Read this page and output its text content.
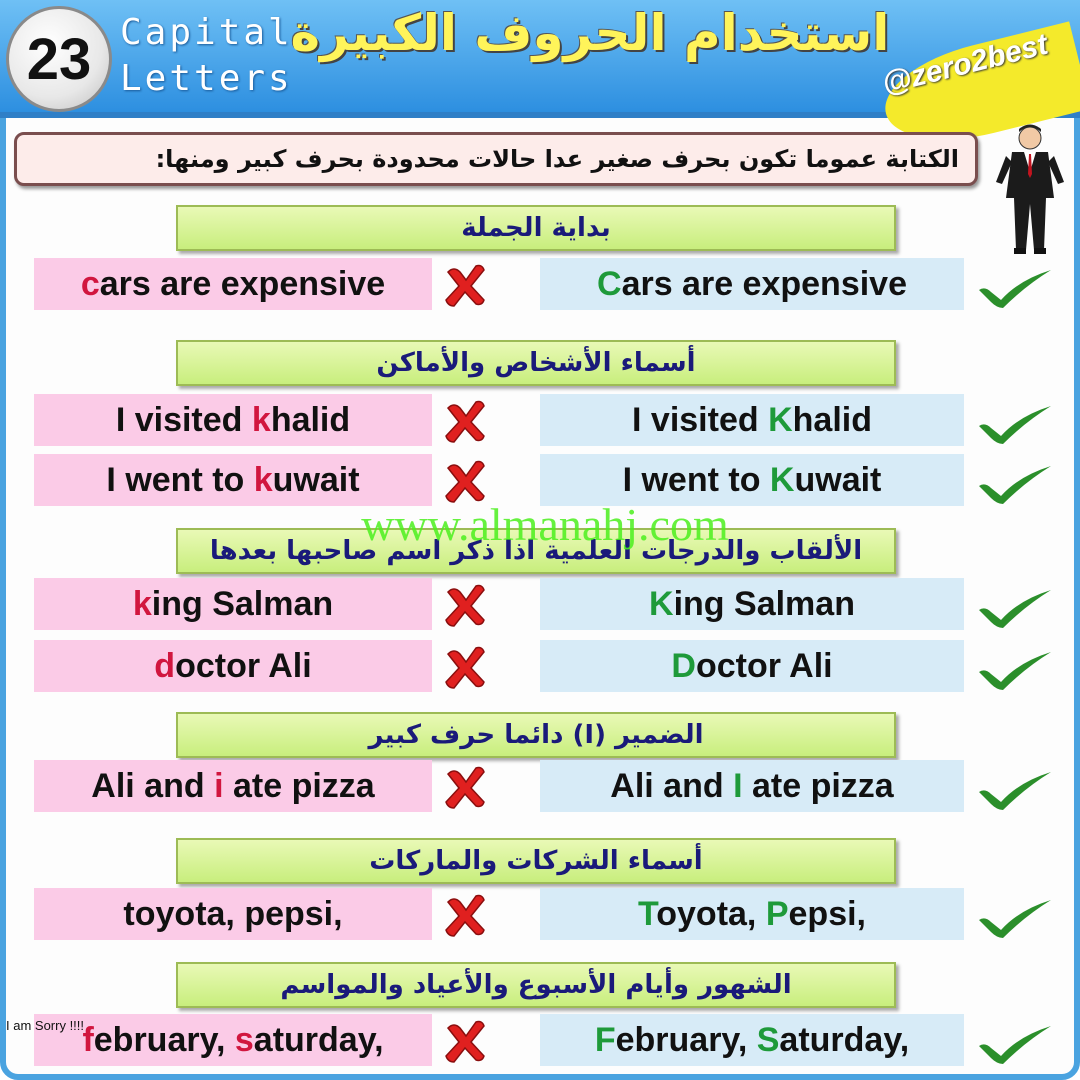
23 Capital
Letters
استخدام الحروف الكبيرة
@zero2best
الكتابة عموما تكون بحرف صغير عدا حالات محدودة بحرف كبير ومنها:
بداية الجملة
cars are expensive	Cars are expensive
أسماء الأشخاص والأماكن
I visited khalid	I visited Khalid
I went to kuwait	I went to Kuwait
الألقاب والدرجات العلمية اذا ذكر اسم صاحبها بعدها
king Salman	King Salman
doctor Ali	Doctor Ali
الضمير (I) دائما حرف كبير
Ali and i ate pizza	Ali and I ate pizza
أسماء الشركات والماركات
toyota, pepsi,	Toyota, Pepsi,
الشهور وأيام الأسبوع والأعياد والمواسم
february, saturday,	February, Saturday,
www.almanahj.com
I am Sorry !!!!
